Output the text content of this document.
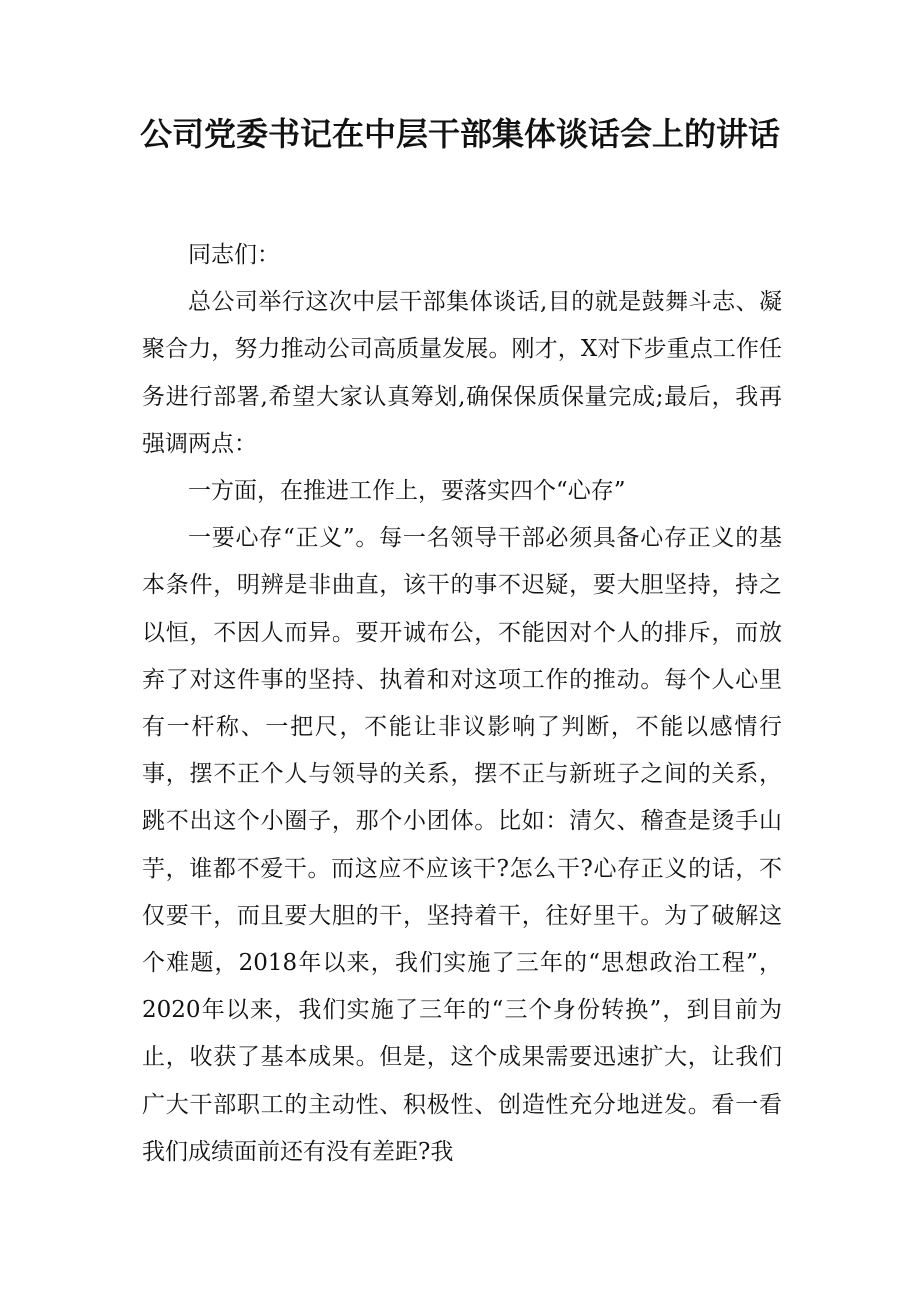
公司党委书记在中层干部集体谈话会上的讲话

同志们：

总公司举行这次中层干部集体谈话,目的就是鼓舞斗志、凝聚合力，努力推动公司高质量发展。刚才，X对下步重点工作任务进行部署,希望大家认真筹划,确保保质保量完成;最后，我再强调两点：

一方面，在推进工作上，要落实四个“心存”

一要心存“正义”。每一名领导干部必须具备心存正义的基本条件，明辨是非曲直，该干的事不迟疑，要大胆坚持，持之以恒，不因人而异。要开诚布公，不能因对个人的排斥，而放弃了对这件事的坚持、执着和对这项工作的推动。每个人心里有一杆称、一把尺，不能让非议影响了判断，不能以感情行事，摆不正个人与领导的关系，摆不正与新班子之间的关系，跳不出这个小圈子，那个小团体。比如：清欠、稽查是烫手山芋，谁都不爱干。而这应不应该干?怎么干?心存正义的话，不仅要干，而且要大胆的干，坚持着干，往好里干。为了破解这个难题，2018年以来，我们实施了三年的“思想政治工程”，2020年以来，我们实施了三年的“三个身份转换”，到目前为止，收获了基本成果。但是，这个成果需要迅速扩大，让我们广大干部职工的主动性、积极性、创造性充分地迸发。看一看我们成绩面前还有没有差距?我
